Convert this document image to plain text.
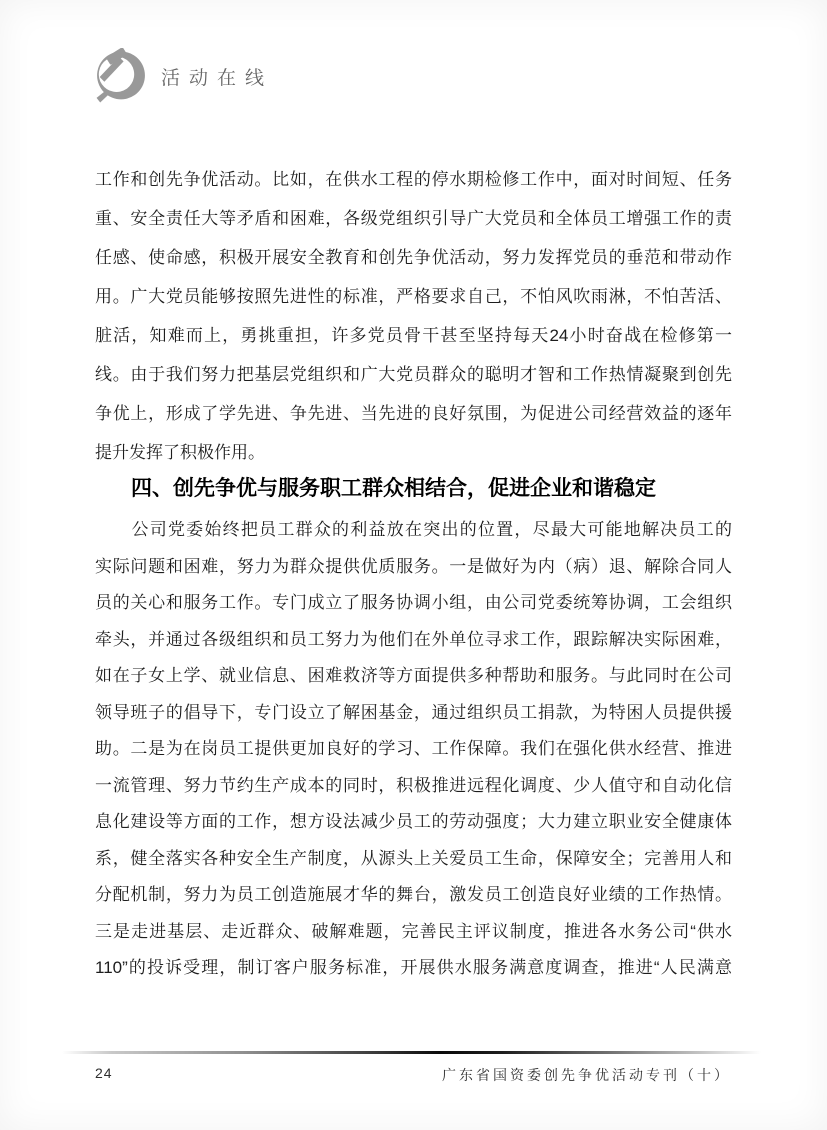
活动在线
工作和创先争优活动。比如，在供水工程的停水期检修工作中，面对时间短、任务
重、安全责任大等矛盾和困难，各级党组织引导广大党员和全体员工增强工作的责
任感、使命感，积极开展安全教育和创先争优活动，努力发挥党员的垂范和带动作
用。广大党员能够按照先进性的标准，严格要求自己，不怕风吹雨淋，不怕苦活、
脏活，知难而上，勇挑重担，许多党员骨干甚至坚持每天24小时奋战在检修第一
线。由于我们努力把基层党组织和广大党员群众的聪明才智和工作热情凝聚到创先
争优上，形成了学先进、争先进、当先进的良好氛围，为促进公司经营效益的逐年
提升发挥了积极作用。
四、创先争优与服务职工群众相结合，促进企业和谐稳定
　　公司党委始终把员工群众的利益放在突出的位置，尽最大可能地解决员工的
实际问题和困难，努力为群众提供优质服务。一是做好为内（病）退、解除合同人
员的关心和服务工作。专门成立了服务协调小组，由公司党委统筹协调，工会组织
牵头，并通过各级组织和员工努力为他们在外单位寻求工作，跟踪解决实际困难，
如在子女上学、就业信息、困难救济等方面提供多种帮助和服务。与此同时在公司
领导班子的倡导下，专门设立了解困基金，通过组织员工捐款，为特困人员提供援
助。二是为在岗员工提供更加良好的学习、工作保障。我们在强化供水经营、推进
一流管理、努力节约生产成本的同时，积极推进远程化调度、少人值守和自动化信
息化建设等方面的工作，想方设法减少员工的劳动强度；大力建立职业安全健康体
系，健全落实各种安全生产制度，从源头上关爱员工生命，保障安全；完善用人和
分配机制，努力为员工创造施展才华的舞台，激发员工创造良好业绩的工作热情。
三是走进基层、走近群众、破解难题，完善民主评议制度，推进各水务公司“供水
110”的投诉受理，制订客户服务标准，开展供水服务满意度调查，推进“人民满意
24	广东省国资委创先争优活动专刊（十）
